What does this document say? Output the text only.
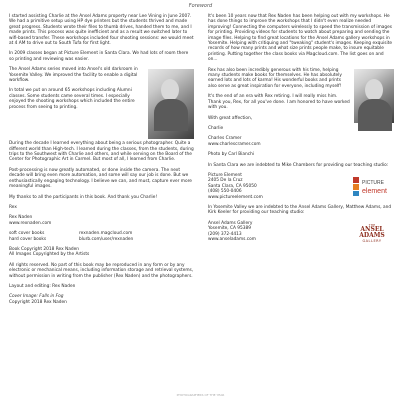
Foreword

I started assisting Charlie at the Ansel Adams property near Lee Vining in June 2007. We had a primitive setup using HP dye printers but the students thrived and made great progress. Students wrote their files to thumb drives, handed them to me, and I made prints. This process was quite inefficient and as a result we switched later to wifi-based transfer. These workshops included four shooting sessions: we would meet at 4 AM to drive out to South Tufa for first light.

In 2009 classes began at Picture Element in Santa Clara. We had lots of room there so printing and reviewing was easier.

The Ansel Adams series moved into Ansel's old darkroom in Yosemite Valley. We improved the facility to enable a digital workflow.

In total we put on around 65 workshops including Alumni classes. Some students came several times. I especially enjoyed the shooting workshops which included the entire process from seeing to printing.

During the decade I learned everything about being a serious photographer. Quite a different world than High-tech. I learned during the classes, from the students, during trips to the Southwest with Charlie and others, and while serving on the Board of the Center for Photographic Art in Carmel. But most of all, I learned from Charlie.

Post-processing is now greatly automated, or done inside the camera. The next decade will bring even more automation, and some will say our job is done. But we enthusiastically engaging technology. I believe we can, and must, capture ever more meaningful images.

My thanks to all the participants in this book. And thank you Charlie!

Rex

Rex Naden
www.rexnaden.com
soft cover books	rexnaden.magcloud.com
hard cover books	blurb.com/user/rexnaden
Book Copyright 2018 Rex Naden
All Images Copyrighted by the Artists

All rights reserved. No part of this book may be reproduced in any form or by any electronic or mechanical means, including information storage and retrieval systems, without permission in writing from the publisher (Rex Naden) and the photographers.

Layout and editing: Rex Naden

Cover Image: Falls in Fog
Copyright 2018 Rex Naden

It's been 10 years now that Rex Naden has been helping out with my workshops. He has done things to improve the workshops that I didn't even realize needed improving! Connecting the computers wirelessly to speed the transmission of images for printing. Providing videos for students to watch about preparing and sending the image files. Helping to find great locations for the Ansel Adams gallery workshops in Yosemite. Helping with critiquing and "tweaking" student's images. Keeping exquisite records of how many prints and what size prints people make, to insure equitable printing. Putting together the class books via Magcloud.com. The list goes on and on...

Rex has also been incredibly generous with his time, helping many students make books for themselves. He has absolutely earned lots and lots of karma! His wonderful books and prints also serve as great inspiration for everyone, including myself!

It's the end of an era with Rex retiring. I will really miss him. Thank you, Rex, for all you've done. I am honored to have worked with you.

With great affection,

Charlie

Charles Cramer
www.charlescramer.com

Photo by Carl Bianchi

In Santa Clara we are indebted to Mike Chambers for providing our teaching studio:

PICTURE
element
Picture Element
2405 De la Cruz
Santa Clara, CA 95050
(408) 550-0406
www.pictureelement.com

In Yosemite Valley we are indebted to the Ansel Adams Gallery, Matthew Adams, and Kirk Keeler for providing our teaching studio:

THE
ANSEL ADAMS
GALLERY
Ansel Adams Gallery
Yosemite, CA 95389
(209) 372-4413
www.anseladams.com
PHOTOGRAPHERS OF THE YEAR
